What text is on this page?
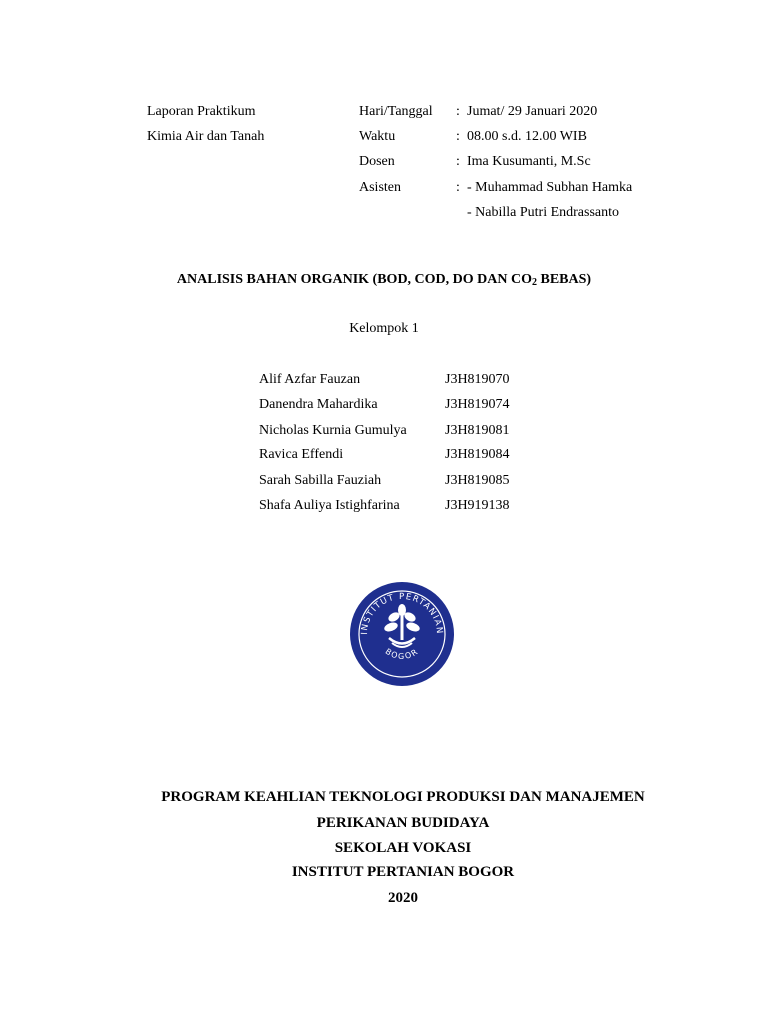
Laporan Praktikum
Kimia Air dan Tanah
Hari/Tanggal : Jumat/ 29 Januari 2020
Waktu	: 08.00 s.d. 12.00 WIB
Dosen	: Ima Kusumanti, M.Sc
Asisten	: - Muhammad Subhan Hamka
- Nabilla Putri Endrassanto
ANALISIS BAHAN ORGANIK (BOD, COD, DO DAN $CO_2$ BEBAS)
Kelompok 1
Alif Azfar Fauzan	J3H819070
Danendra Mahardika	J3H819074
Nicholas Kurnia Gumulya	J3H819081
Ravica Effendi	J3H819084
Sarah Sabilla Fauziah	J3H819085
Shafa Auliya Istighfarina	J3H919138
INSTITUT PERTANIAN
BOGOR
PROGRAM KEAHLIAN TEKNOLOGI PRODUKSI DAN MANAJEMEN
PERIKANAN BUDIDAYA
SEKOLAH VOKASI
INSTITUT PERTANIAN BOGOR
2020
